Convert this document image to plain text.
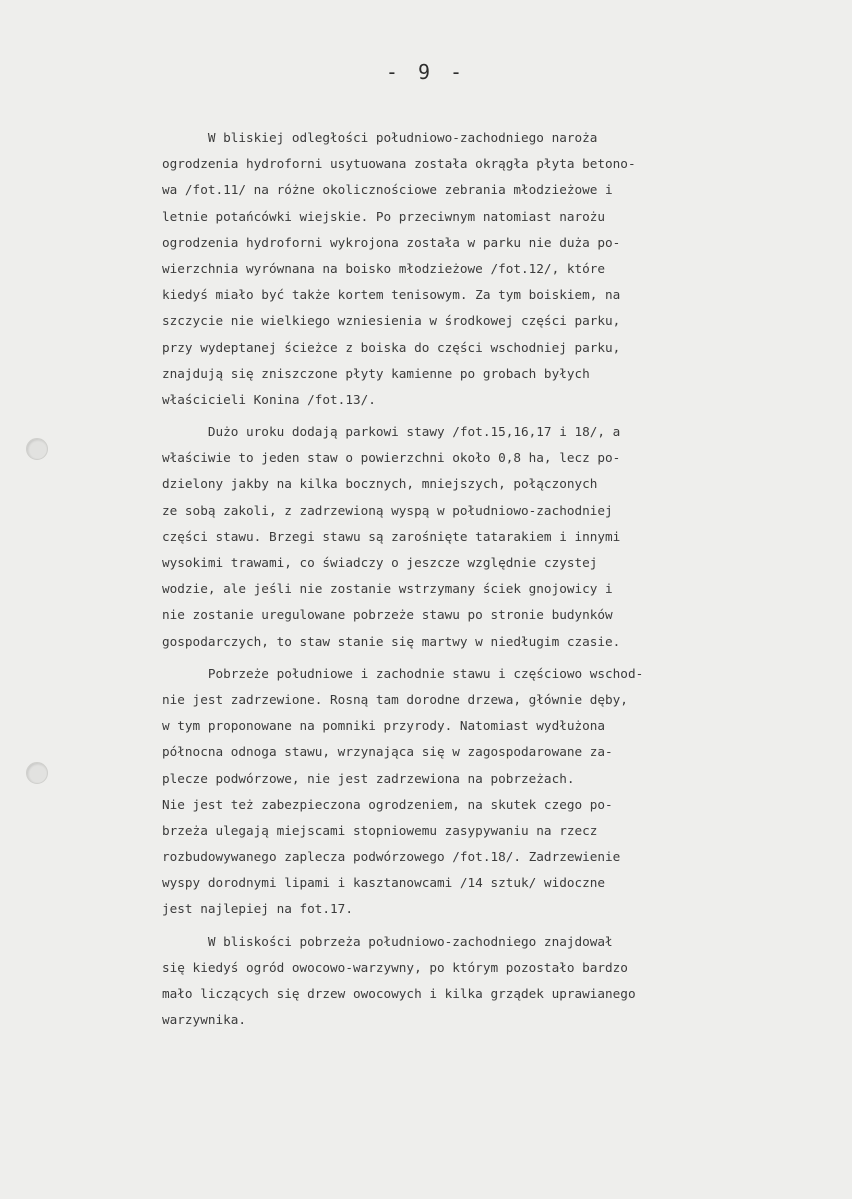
- 9 -
W bliskiej odległości południowo-zachodniego naroża
ogrodzenia hydroforni usytuowana została okrągła płyta betono-
wa /fot.11/ na różne okolicznościowe zebrania młodzieżowe i
letnie potańcówki wiejskie. Po przeciwnym natomiast narożu
ogrodzenia hydroforni wykrojona została w parku nie duża po-
wierzchnia wyrównana na boisko młodzieżowe /fot.12/, które
kiedyś miało być także kortem tenisowym. Za tym boiskiem, na
szczycie nie wielkiego wzniesienia w środkowej części parku,
przy wydeptanej ścieżce z boiska do części wschodniej parku,
znajdują się zniszczone płyty kamienne po grobach byłych
właścicieli Konina /fot.13/.
Dużo uroku dodają parkowi stawy /fot.15,16,17 i 18/, a
właściwie to jeden staw o powierzchni około 0,8 ha, lecz po-
dzielony jakby na kilka bocznych, mniejszych, połączonych
ze sobą zakoli, z zadrzewioną wyspą w południowo-zachodniej
części stawu. Brzegi stawu są zarośnięte tatarakiem i innymi
wysokimi trawami, co świadczy o jeszcze względnie czystej
wodzie, ale jeśli nie zostanie wstrzymany ściek gnojowicy i
nie zostanie uregulowane pobrzeże stawu po stronie budynków
gospodarczych, to staw stanie się martwy w niedługim czasie.
Pobrzeże południowe i zachodnie stawu i częściowo wschod-
nie jest zadrzewione. Rosną tam dorodne drzewa, głównie dęby,
w tym proponowane na pomniki przyrody. Natomiast wydłużona
północna odnoga stawu, wrzynająca się w zagospodarowane za-
plecze podwórzowe, nie jest zadrzewiona na pobrzeżach.
Nie jest też zabezpieczona ogrodzeniem, na skutek czego po-
brzeża ulegają miejscami stopniowemu zasypywaniu na rzecz
rozbudowywanego zaplecza podwórzowego /fot.18/. Zadrzewienie
wyspy dorodnymi lipami i kasztanowcami /14 sztuk/ widoczne
jest najlepiej na fot.17.
W bliskości pobrzeża południowo-zachodniego znajdował
się kiedyś ogród owocowo-warzywny, po którym pozostało bardzo
mało liczących się drzew owocowych i kilka grządek uprawianego
warzywnika.
